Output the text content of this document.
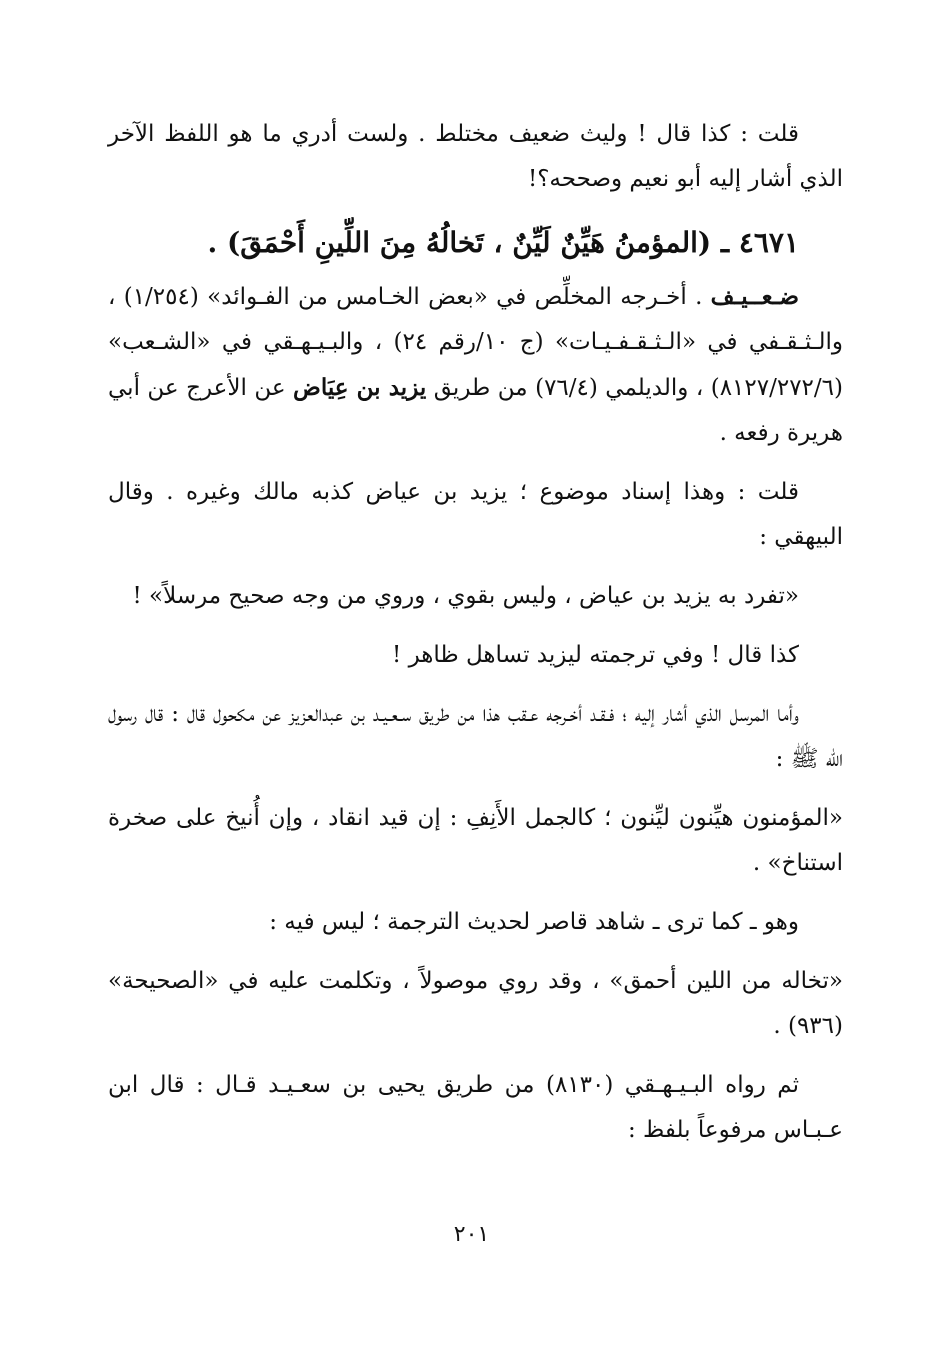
قلت : كذا قال ! وليث ضعيف مختلط . ولست أدري ما هو اللفظ الآخر الذي أشار إليه أبو نعيم وصححه؟!

٤٦٧١ ـ (المؤمنُ هَيِّنٌ لَيِّنٌ ، تَخالُهُ مِنَ اللِّينِ أَحْمَقَ) .

ضـعــيـف . أخـرجه المخلِّص في «بعض الخـامس من الفـوائد» (١/٢٥٤) ، والـثـقـفي في «الـثـقـفـيـات» (ج ١٠/رقم ٢٤) ، والبـيـهـقي في «الشـعب» (٨١٢٧/٢٧٢/٦) ، والديلمي (٧٦/٤) من طريق يزيد بن عِيَاض عن الأعرج عن أبي هريرة رفعه .

قلت : وهذا إسناد موضوع ؛ يزيد بن عياض كذبه مالك وغيره . وقال البيهقي :

«تفرد به يزيد بن عياض ، وليس بقوي ، وروي من وجه صحيح مرسلاً» !

كذا قال ! وفي ترجمته ليزيد تساهل ظاهر !

وأما المرسل الذي أشار إليه ؛ فـقـد أخـرجه عـقب هذا من طريق سـعـيـد بن عبدالعزيز عن مكحول قال : قال رسول الله ﷺ :

«المؤمنون هيِّنون ليِّنون ؛ كالجمل الأَنِفِ : إن قيد انقاد ، وإن أُنيخ على صخرة استناخ» .

وهو ـ كما ترى ـ شاهد قاصر لحديث الترجمة ؛ ليس فيه :

«تخاله من اللين أحمق» ، وقد روي موصولاً ، وتكلمت عليه في «الصحيحة» (٩٣٦) .

ثم رواه البـيـهـقي (٨١٣٠) من طريق يحيى بن سعـيـد قـال : قال ابن عـبـاس مرفوعاً بلفظ :

٢٠١
